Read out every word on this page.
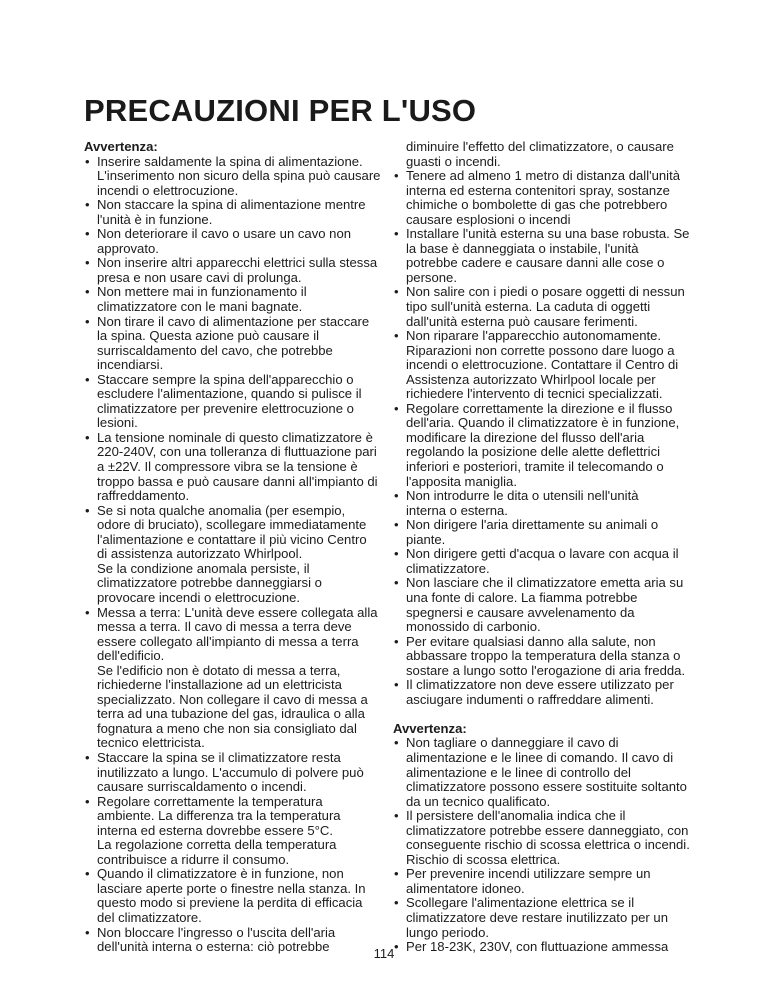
PRECAUZIONI PER L'USO
Avvertenza:
• Inserire saldamente la spina di alimentazione.
L'inserimento non sicuro della spina può causare
incendi o elettrocuzione.
• Non staccare la spina di alimentazione mentre
l'unità è in funzione.
• Non deteriorare il cavo o usare un cavo non
approvato.
• Non inserire altri apparecchi elettrici sulla stessa
presa e non usare cavi di prolunga.
• Non mettere mai in funzionamento il
climatizzatore con le mani bagnate.
• Non tirare il cavo di alimentazione per staccare
la spina. Questa azione può causare il
surriscaldamento del cavo, che potrebbe
incendiarsi.
• Staccare sempre la spina dell'apparecchio o
escludere l'alimentazione, quando si pulisce il
climatizzatore per prevenire elettrocuzione o
lesioni.
• La tensione nominale di questo climatizzatore è
220-240V, con una tolleranza di fluttuazione pari
a ±22V. Il compressore vibra se la tensione è
troppo bassa e può causare danni all'impianto di
raffreddamento.
• Se si nota qualche anomalia (per esempio,
odore di bruciato), scollegare immediatamente
l'alimentazione e contattare il più vicino Centro
di assistenza autorizzato Whirlpool.
Se la condizione anomala persiste, il
climatizzatore potrebbe danneggiarsi o
provocare incendi o elettrocuzione.
• Messa a terra: L'unità deve essere collegata alla
messa a terra. Il cavo di messa a terra deve
essere collegato all'impianto di messa a terra
dell'edificio.
Se l'edificio non è dotato di messa a terra,
richiederne l'installazione ad un elettricista
specializzato. Non collegare il cavo di messa a
terra ad una tubazione del gas, idraulica o alla
fognatura a meno che non sia consigliato dal
tecnico elettricista.
• Staccare la spina se il climatizzatore resta
inutilizzato a lungo. L'accumulo di polvere può
causare surriscaldamento o incendi.
• Regolare correttamente la temperatura
ambiente. La differenza tra la temperatura
interna ed esterna dovrebbe essere 5°C.
La regolazione corretta della temperatura
contribuisce a ridurre il consumo.
• Quando il climatizzatore è in funzione, non
lasciare aperte porte o finestre nella stanza. In
questo modo si previene la perdita di efficacia
del climatizzatore.
• Non bloccare l'ingresso o l'uscita dell'aria
dell'unità interna o esterna: ciò potrebbe
diminuire l'effetto del climatizzatore, o causare
guasti o incendi.
• Tenere ad almeno 1 metro di distanza dall'unità
interna ed esterna contenitori spray, sostanze
chimiche o bombolette di gas che potrebbero
causare esplosioni o incendi
• Installare l'unità esterna su una base robusta. Se
la base è danneggiata o instabile, l'unità
potrebbe cadere e causare danni alle cose o
persone.
• Non salire con i piedi o posare oggetti di nessun
tipo sull'unità esterna. La caduta di oggetti
dall'unità esterna può causare ferimenti.
• Non riparare l'apparecchio autonomamente.
Riparazioni non corrette possono dare luogo a
incendi o elettrocuzione. Contattare il Centro di
Assistenza autorizzato Whirlpool locale per
richiedere l'intervento di tecnici specializzati.
• Regolare correttamente la direzione e il flusso
dell'aria. Quando il climatizzatore è in funzione,
modificare la direzione del flusso dell'aria
regolando la posizione delle alette deflettrici
inferiori e posteriori, tramite il telecomando o
l'apposita maniglia.
• Non introdurre le dita o utensili nell'unità
interna o esterna.
• Non dirigere l'aria direttamente su animali o
piante.
• Non dirigere getti d'acqua o lavare con acqua il
climatizzatore.
• Non lasciare che il climatizzatore emetta aria su
una fonte di calore. La fiamma potrebbe
spegnersi e causare avvelenamento da
monossido di carbonio.
• Per evitare qualsiasi danno alla salute, non
abbassare troppo la temperatura della stanza o
sostare a lungo sotto l'erogazione di aria fredda.
• Il climatizzatore non deve essere utilizzato per
asciugare indumenti o raffreddare alimenti.
Avvertenza:
• Non tagliare o danneggiare il cavo di
alimentazione e le linee di comando. Il cavo di
alimentazione e le linee di controllo del
climatizzatore possono essere sostituite soltanto
da un tecnico qualificato.
• Il persistere dell'anomalia indica che il
climatizzatore potrebbe essere danneggiato, con
conseguente rischio di scossa elettrica o incendi.
Rischio di scossa elettrica.
• Per prevenire incendi utilizzare sempre un
alimentatore idoneo.
• Scollegare l'alimentazione elettrica se il
climatizzatore deve restare inutilizzato per un
lungo periodo.
• Per 18-23K, 230V, con fluttuazione ammessa
114
